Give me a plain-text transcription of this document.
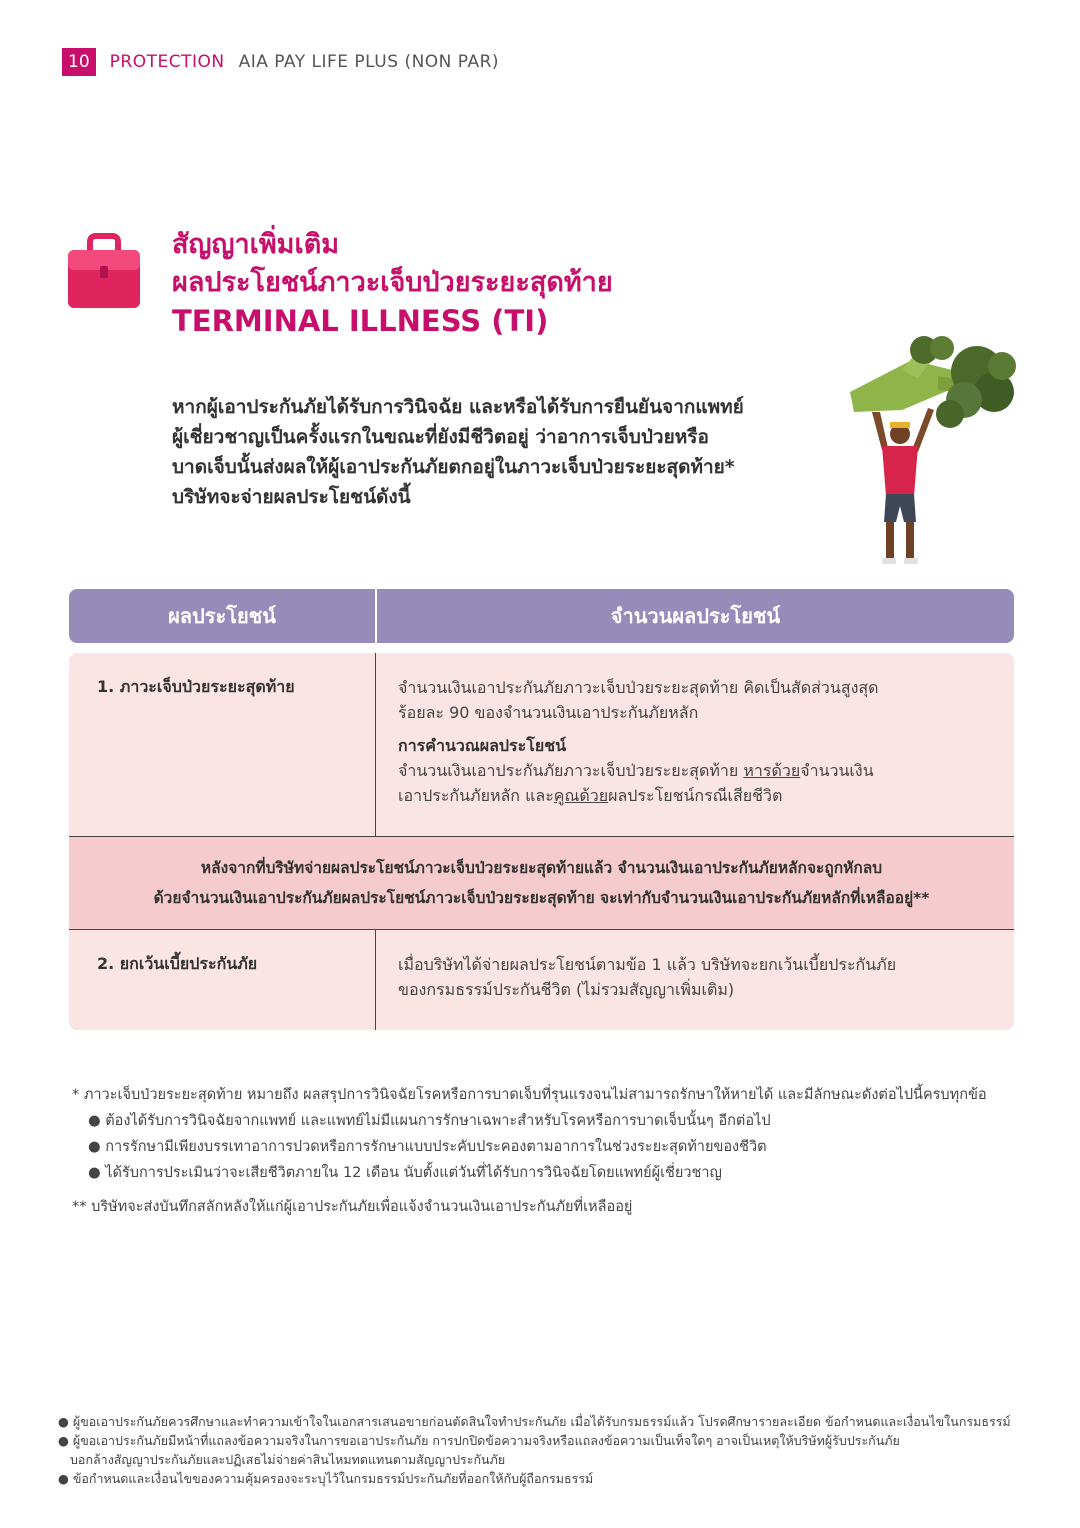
10	PROTECTION AIA PAY LIFE PLUS (NON PAR)
สัญญาเพิ่มเติม
ผลประโยชน์ภาวะเจ็บป่วยระยะสุดท้าย
TERMINAL ILLNESS (TI)
หากผู้เอาประกันภัยได้รับการวินิจฉัย และหรือได้รับการยืนยันจากแพทย์
ผู้เชี่ยวชาญเป็นครั้งแรกในขณะที่ยังมีชีวิตอยู่ ว่าอาการเจ็บป่วยหรือ
บาดเจ็บนั้นส่งผลให้ผู้เอาประกันภัยตกอยู่ในภาวะเจ็บป่วยระยะสุดท้าย*
บริษัทจะจ่ายผลประโยชน์ดังนี้
ผลประโยชน์	จำนวนผลประโยชน์
1. ภาวะเจ็บป่วยระยะสุดท้าย	จำนวนเงินเอาประกันภัยภาวะเจ็บป่วยระยะสุดท้าย คิดเป็นสัดส่วนสูงสุด
ร้อยละ 90 ของจำนวนเงินเอาประกันภัยหลัก
การคำนวณผลประโยชน์
จำนวนเงินเอาประกันภัยภาวะเจ็บป่วยระยะสุดท้าย หารด้วยจำนวนเงิน
เอาประกันภัยหลัก และคูณด้วยผลประโยชน์กรณีเสียชีวิต
หลังจากที่บริษัทจ่ายผลประโยชน์ภาวะเจ็บป่วยระยะสุดท้ายแล้ว จำนวนเงินเอาประกันภัยหลักจะถูกหักลบ
ด้วยจำนวนเงินเอาประกันภัยผลประโยชน์ภาวะเจ็บป่วยระยะสุดท้าย จะเท่ากับจำนวนเงินเอาประกันภัยหลักที่เหลืออยู่**
2. ยกเว้นเบี้ยประกันภัย	เมื่อบริษัทได้จ่ายผลประโยชน์ตามข้อ 1 แล้ว บริษัทจะยกเว้นเบี้ยประกันภัย
ของกรมธรรม์ประกันชีวิต (ไม่รวมสัญญาเพิ่มเติม)
* ภาวะเจ็บป่วยระยะสุดท้าย หมายถึง ผลสรุปการวินิจฉัยโรคหรือการบาดเจ็บที่รุนแรงจนไม่สามารถรักษาให้หายได้ และมีลักษณะดังต่อไปนี้ครบทุกข้อ
● ต้องได้รับการวินิจฉัยจากแพทย์ และแพทย์ไม่มีแผนการรักษาเฉพาะสำหรับโรคหรือการบาดเจ็บนั้นๆ อีกต่อไป
● การรักษามีเพียงบรรเทาอาการปวดหรือการรักษาแบบประคับประคองตามอาการในช่วงระยะสุดท้ายของชีวิต
● ได้รับการประเมินว่าจะเสียชีวิตภายใน 12 เดือน นับตั้งแต่วันที่ได้รับการวินิจฉัยโดยแพทย์ผู้เชี่ยวชาญ
** บริษัทจะส่งบันทึกสลักหลังให้แก่ผู้เอาประกันภัยเพื่อแจ้งจำนวนเงินเอาประกันภัยที่เหลืออยู่
● ผู้ขอเอาประกันภัยควรศึกษาและทำความเข้าใจในเอกสารเสนอขายก่อนตัดสินใจทำประกันภัย เมื่อได้รับกรมธรรม์แล้ว โปรดศึกษารายละเอียด ข้อกำหนดและเงื่อนไขในกรมธรรม์
● ผู้ขอเอาประกันภัยมีหน้าที่แถลงข้อความจริงในการขอเอาประกันภัย การปกปิดข้อความจริงหรือแถลงข้อความเป็นเท็จใดๆ อาจเป็นเหตุให้บริษัทผู้รับประกันภัย
บอกล้างสัญญาประกันภัยและปฏิเสธไม่จ่ายค่าสินไหมทดแทนตามสัญญาประกันภัย
● ข้อกำหนดและเงื่อนไขของความคุ้มครองจะระบุไว้ในกรมธรรม์ประกันภัยที่ออกให้กับผู้ถือกรมธรรม์
